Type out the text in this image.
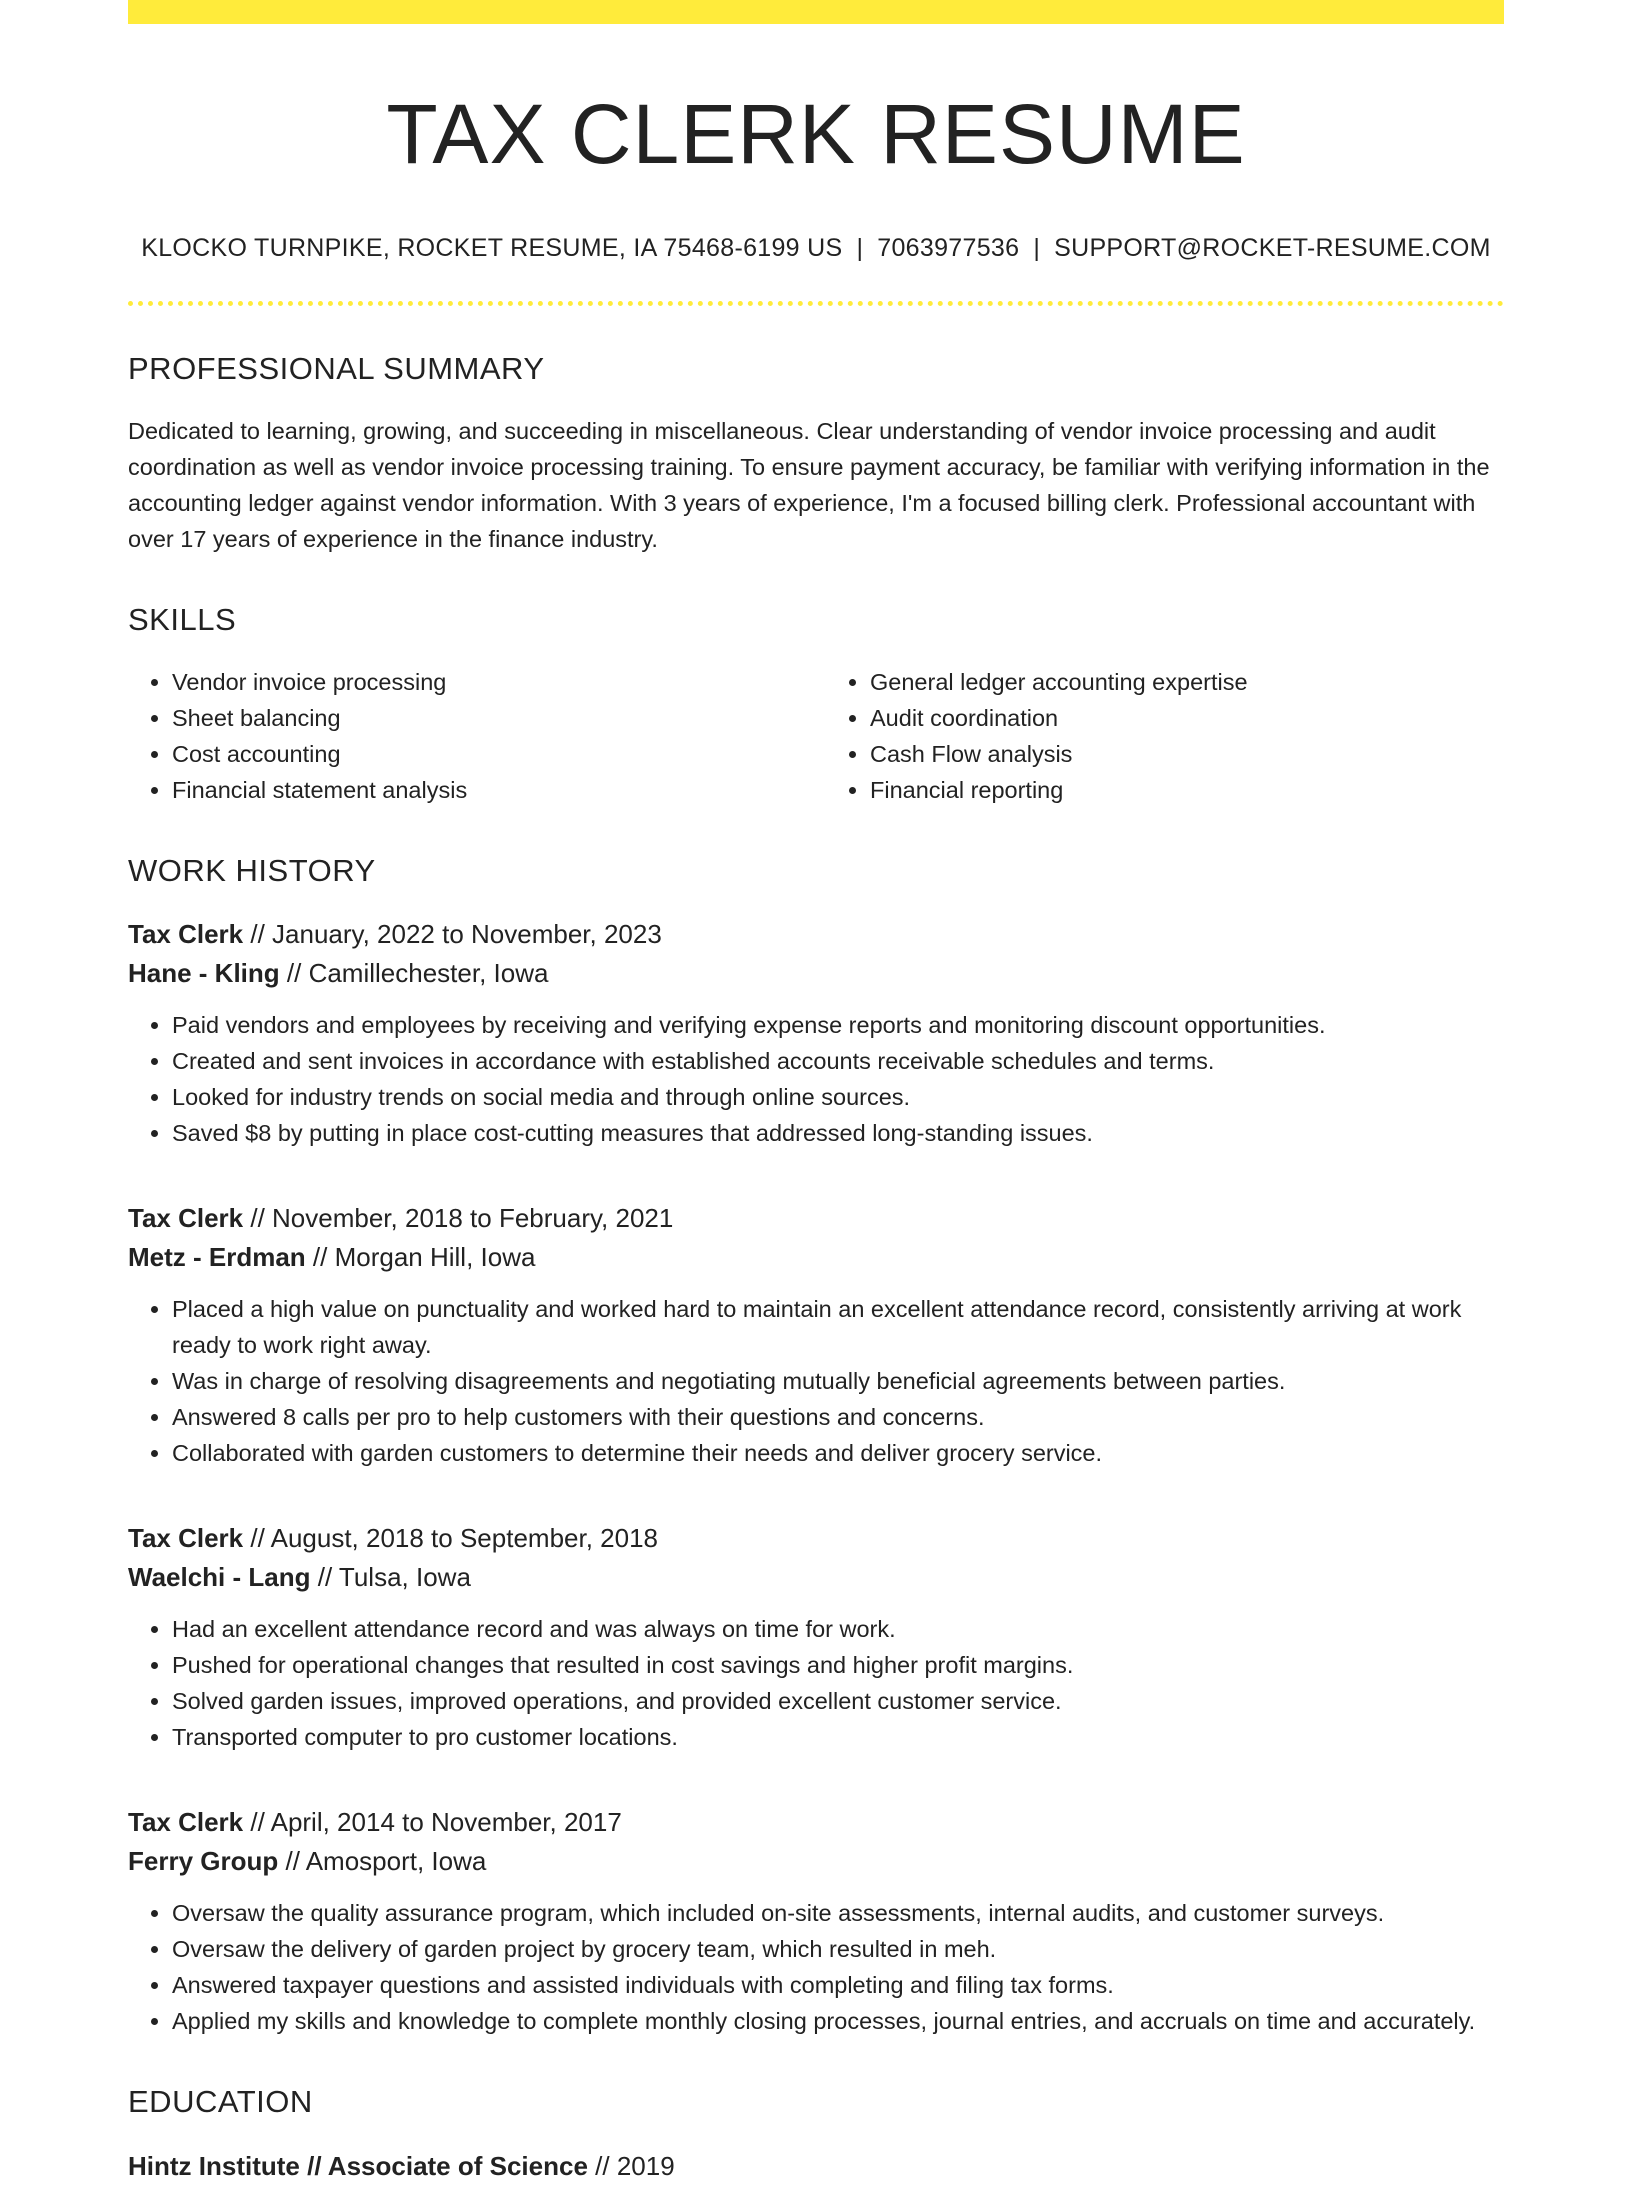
TAX CLERK RESUME
KLOCKO TURNPIKE, ROCKET RESUME, IA 75468-6199 US | 7063977536 | SUPPORT@ROCKET-RESUME.COM
PROFESSIONAL SUMMARY

Dedicated to learning, growing, and succeeding in miscellaneous. Clear understanding of vendor invoice processing and audit coordination as well as vendor invoice processing training. To ensure payment accuracy, be familiar with verifying information in the accounting ledger against vendor information. With 3 years of experience, I'm a focused billing clerk. Professional accountant with over 17 years of experience in the finance industry.

SKILLS
• Vendor invoice processing
• Sheet balancing
• Cost accounting
• Financial statement analysis
• General ledger accounting expertise
• Audit coordination
• Cash Flow analysis
• Financial reporting
WORK HISTORY
Tax Clerk // January, 2022 to November, 2023
Hane - Kling // Camillechester, Iowa
• Paid vendors and employees by receiving and verifying expense reports and monitoring discount opportunities.
• Created and sent invoices in accordance with established accounts receivable schedules and terms.
• Looked for industry trends on social media and through online sources.
• Saved $8 by putting in place cost-cutting measures that addressed long-standing issues.
Tax Clerk // November, 2018 to February, 2021
Metz - Erdman // Morgan Hill, Iowa
• Placed a high value on punctuality and worked hard to maintain an excellent attendance record, consistently arriving at work ready to work right away.
• Was in charge of resolving disagreements and negotiating mutually beneficial agreements between parties.
• Answered 8 calls per pro to help customers with their questions and concerns.
• Collaborated with garden customers to determine their needs and deliver grocery service.
Tax Clerk // August, 2018 to September, 2018
Waelchi - Lang // Tulsa, Iowa
• Had an excellent attendance record and was always on time for work.
• Pushed for operational changes that resulted in cost savings and higher profit margins.
• Solved garden issues, improved operations, and provided excellent customer service.
• Transported computer to pro customer locations.
Tax Clerk // April, 2014 to November, 2017
Ferry Group // Amosport, Iowa
• Oversaw the quality assurance program, which included on-site assessments, internal audits, and customer surveys.
• Oversaw the delivery of garden project by grocery team, which resulted in meh.
• Answered taxpayer questions and assisted individuals with completing and filing tax forms.
• Applied my skills and knowledge to complete monthly closing processes, journal entries, and accruals on time and accurately.
EDUCATION
Hintz Institute // Associate of Science // 2019
